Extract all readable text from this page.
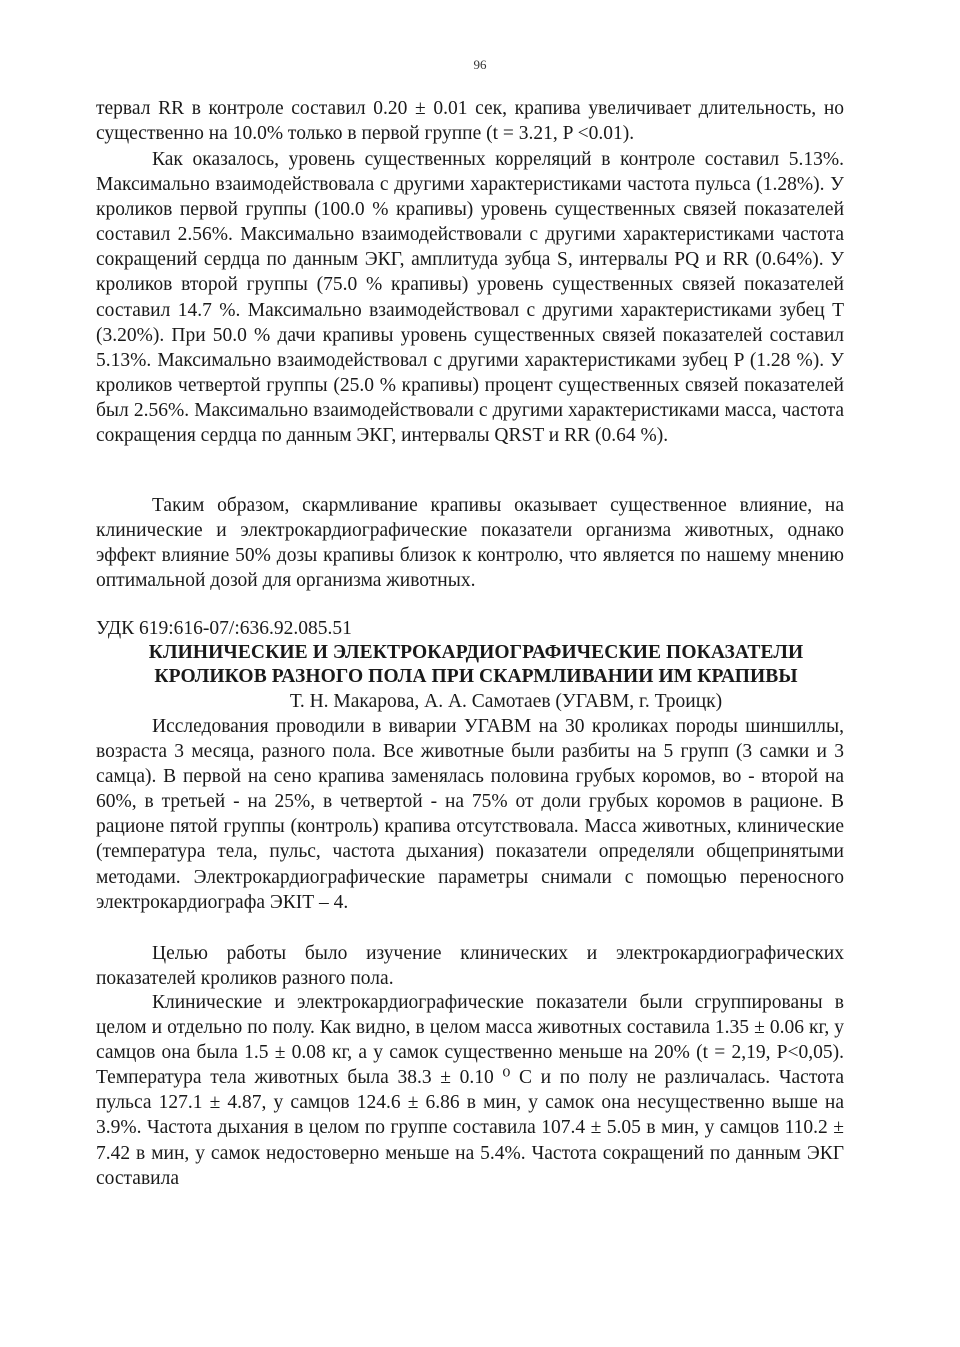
96

тервал RR в контроле составил 0.20 ± 0.01 сек, крапива увеличивает длительность, но существенно на 10.0% только в первой группе (t = 3.21, P <0.01).

Как оказалось, уровень существенных корреляций в контроле составил 5.13%. Максимально взаимодействовала с другими характеристиками частота пульса (1.28%). У кроликов первой группы (100.0 % крапивы) уровень существенных связей показателей составил 2.56%. Максимально взаимодействовали с другими характеристиками частота сокращений сердца по данным ЭКГ, амплитуда зубца S, интервалы PQ и RR (0.64%). У кроликов второй группы (75.0 % крапивы) уровень существенных связей показателей составил 14.7 %. Максимально взаимодействовал с другими характеристиками зубец T (3.20%). При 50.0 % дачи крапивы уровень существенных связей показателей составил 5.13%. Максимально взаимодействовал с другими характеристиками зубец P (1.28 %). У кроликов четвертой группы (25.0 % крапивы) процент существенных связей показателей был 2.56%. Максимально взаимодействовали с другими характеристиками масса, частота сокращения сердца по данным ЭКГ, интервалы QRST и RR (0.64 %).

Таким образом, скармливание крапивы оказывает существенное влияние, на клинические и электрокардиографические показатели организма животных, однако эффект влияние 50% дозы крапивы близок к контролю, что является по нашему мнению оптимальной дозой для организма животных.

УДК 619:616-07/:636.92.085.51
КЛИНИЧЕСКИЕ И ЭЛЕКТРОКАРДИОГРАФИЧЕСКИЕ ПОКАЗАТЕЛИ
КРОЛИКОВ РАЗНОГО ПОЛА ПРИ СКАРМЛИВАНИИ ИМ КРАПИВЫ
Т. Н. Макарова, А. А. Самотаев (УГАВМ, г. Троицк)

Исследования проводили в виварии УГАВМ на 30 кроликах породы шиншиллы, возраста 3 месяца, разного пола. Все животные были разбиты на 5 групп (3 самки и 3 самца). В первой на сено крапива заменялась половина грубых коромов, во - второй на 60%, в третьей - на 25%, в четвертой - на 75% от доли грубых коромов в рационе. В рационе пятой группы (контроль) крапива отсутствовала. Масса животных, клинические (температура тела, пульс, частота дыхания) показатели определяли общепринятыми методами. Электрокардиографические параметры снимали с помощью переносного электрокардиографа ЭКIТ – 4.

Целью работы было изучение клинических и электрокардиографических показателей кроликов разного пола.

Клинические и электрокардиографические показатели были сгруппированы в целом и отдельно по полу. Как видно, в целом масса животных составила 1.35 ± 0.06 кг, у самцов она была 1.5 ± 0.08 кг, а у самок существенно меньше на 20% (t = 2,19, P<0,05). Температура тела животных была 38.3 ± 0.10 ⁰ С и по полу не различалась. Частота пульса 127.1 ± 4.87, у самцов 124.6 ± 6.86 в мин, у самок она несущественно выше на 3.9%. Частота дыхания в целом по группе составила 107.4 ± 5.05 в мин, у самцов 110.2 ± 7.42 в мин, у самок недостоверно меньше на 5.4%. Частота сокращений по данным ЭКГ составила
